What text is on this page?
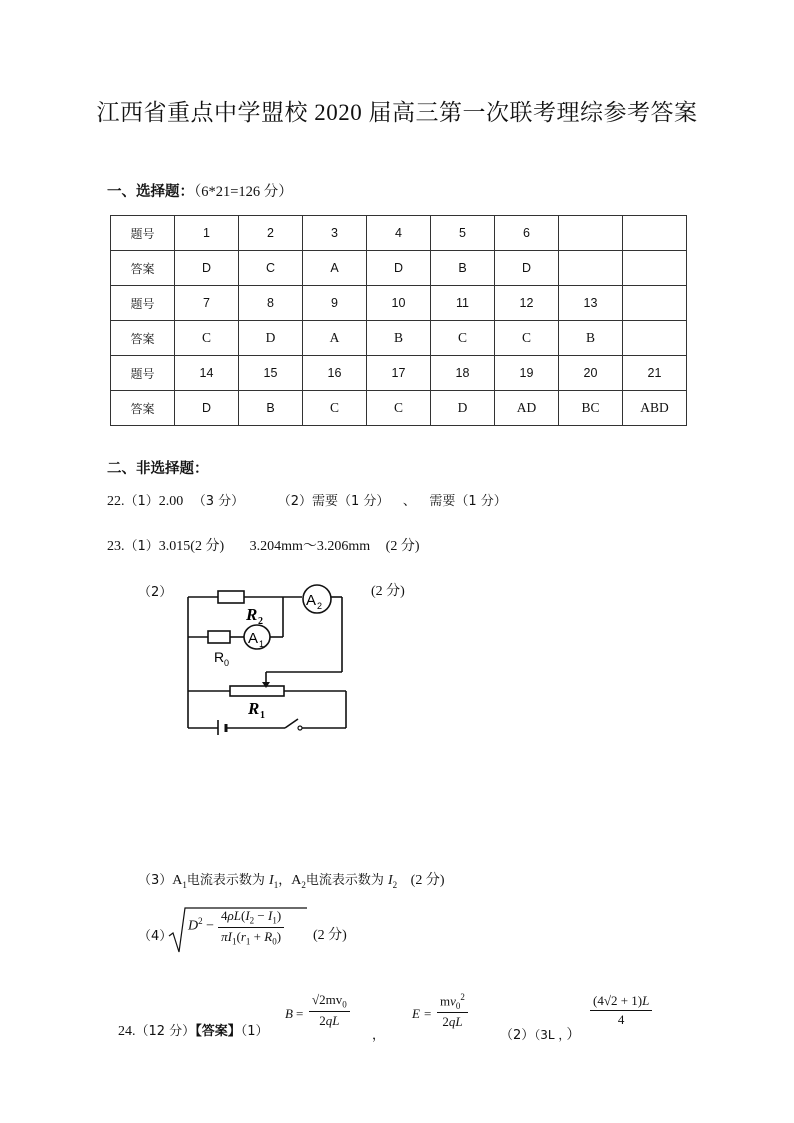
江西省重点中学盟校 2020 届高三第一次联考理综参考答案
一、选择题：（6*21=126 分）
题号	1	2	3	4	5	6		
答案	D	C	A	D	B	D		
题号	7	8	9	10	11	12	13	
答案	C	D	A	B	C	C	B	
题号	14	15	16	17	18	19	20	21
答案	D	B	C	C	D	AD	BC	ABD
二、非选择题：
22.（1）2.00 （3 分）	（2）需要（1 分） 、 需要（1 分）
23.（1）3.015(2 分) 3.204mm～3.206mm (2 分)
（2）	(2 分)
R 2
A 2
A 1
R 0
R 1
$(3)A_1$电流表示数为 $I_1$，$A_2$电流表示数为 $I_2$ (2 分)
（4）
$D^2 - \frac{4\rho L(I_2 - I_1)}{\pi I_1(r_1 + R_0)} (2$ 分)
24.（12 分）【答案】（1）
$B = \frac{√2mv_0}{2qL}$
，
$E = \frac{mv_0^2}{2qL}$
（2）（3L ， ）
$\frac{(4√2 + 1)L}{4}$
